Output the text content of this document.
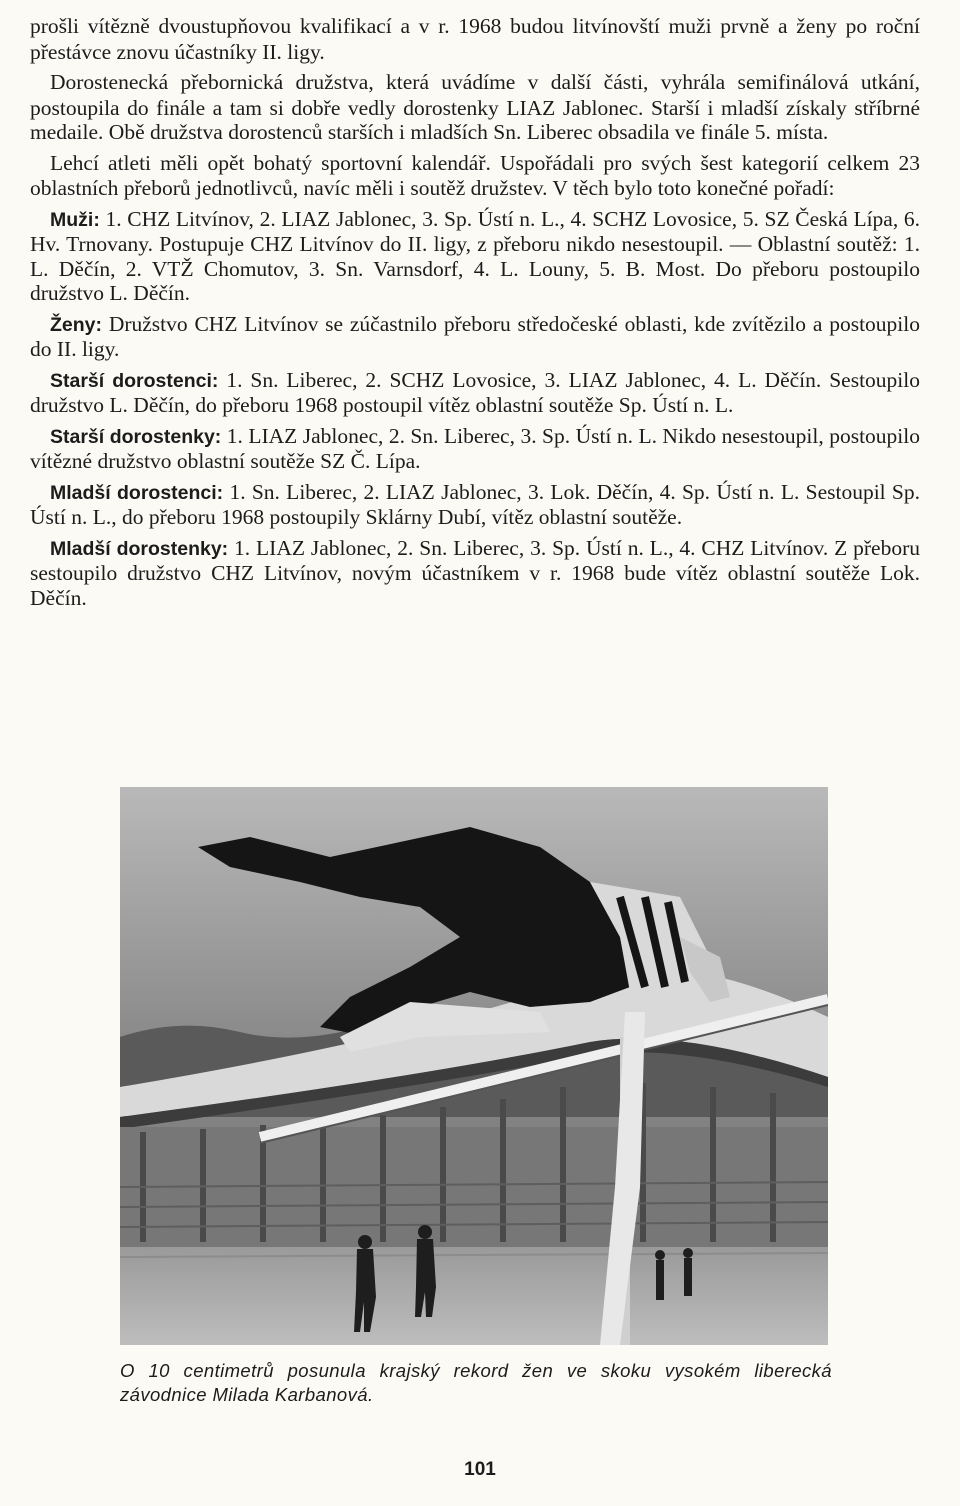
prošli vítězně dvoustupňovou kvalifikací a v r. 1968 budou litvínovští muži prvně a ženy po roční přestávce znovu účastníky II. ligy.

Dorostenecká přebornická družstva, která uvádíme v další části, vyhrála semifinálová utkání, postoupila do finále a tam si dobře vedly dorostenky LIAZ Jablonec. Starší i mladší získaly stříbrné medaile. Obě družstva dorostenců starších i mladších Sn. Liberec obsadila ve finále 5. místa.

Lehcí atleti měli opět bohatý sportovní kalendář. Uspořádali pro svých šest kategorií celkem 23 oblastních přeborů jednotlivců, navíc měli i soutěž družstev. V těch bylo toto konečné pořadí:

Muži: 1. CHZ Litvínov, 2. LIAZ Jablonec, 3. Sp. Ústí n. L., 4. SCHZ Lovosice, 5. SZ Česká Lípa, 6. Hv. Trnovany. Postupuje CHZ Litvínov do II. ligy, z přeboru nikdo nesestoupil. — Oblastní soutěž: 1. L. Děčín, 2. VTŽ Chomutov, 3. Sn. Varnsdorf, 4. L. Louny, 5. B. Most. Do přeboru postoupilo družstvo L. Děčín.

Ženy: Družstvo CHZ Litvínov se zúčastnilo přeboru středočeské oblasti, kde zvítězilo a postoupilo do II. ligy.

Starší dorostenci: 1. Sn. Liberec, 2. SCHZ Lovosice, 3. LIAZ Jablonec, 4. L. Děčín. Sestoupilo družstvo L. Děčín, do přeboru 1968 postoupil vítěz oblastní soutěže Sp. Ústí n. L.

Starší dorostenky: 1. LIAZ Jablonec, 2. Sn. Liberec, 3. Sp. Ústí n. L. Nikdo nesestoupil, postoupilo vítězné družstvo oblastní soutěže SZ Č. Lípa.

Mladší dorostenci: 1. Sn. Liberec, 2. LIAZ Jablonec, 3. Lok. Děčín, 4. Sp. Ústí n. L. Sestoupil Sp. Ústí n. L., do přeboru 1968 postoupily Sklárny Dubí, vítěz oblastní soutěže.

Mladší dorostenky: 1. LIAZ Jablonec, 2. Sn. Liberec, 3. Sp. Ústí n. L., 4. CHZ Litvínov. Z přeboru sestoupilo družstvo CHZ Litvínov, novým účastníkem v r. 1968 bude vítěz oblastní soutěže Lok. Děčín.

O 10 centimetrů posunula krajský rekord žen ve skoku vysokém liberecká závodnice Milada Karbanová.
101
